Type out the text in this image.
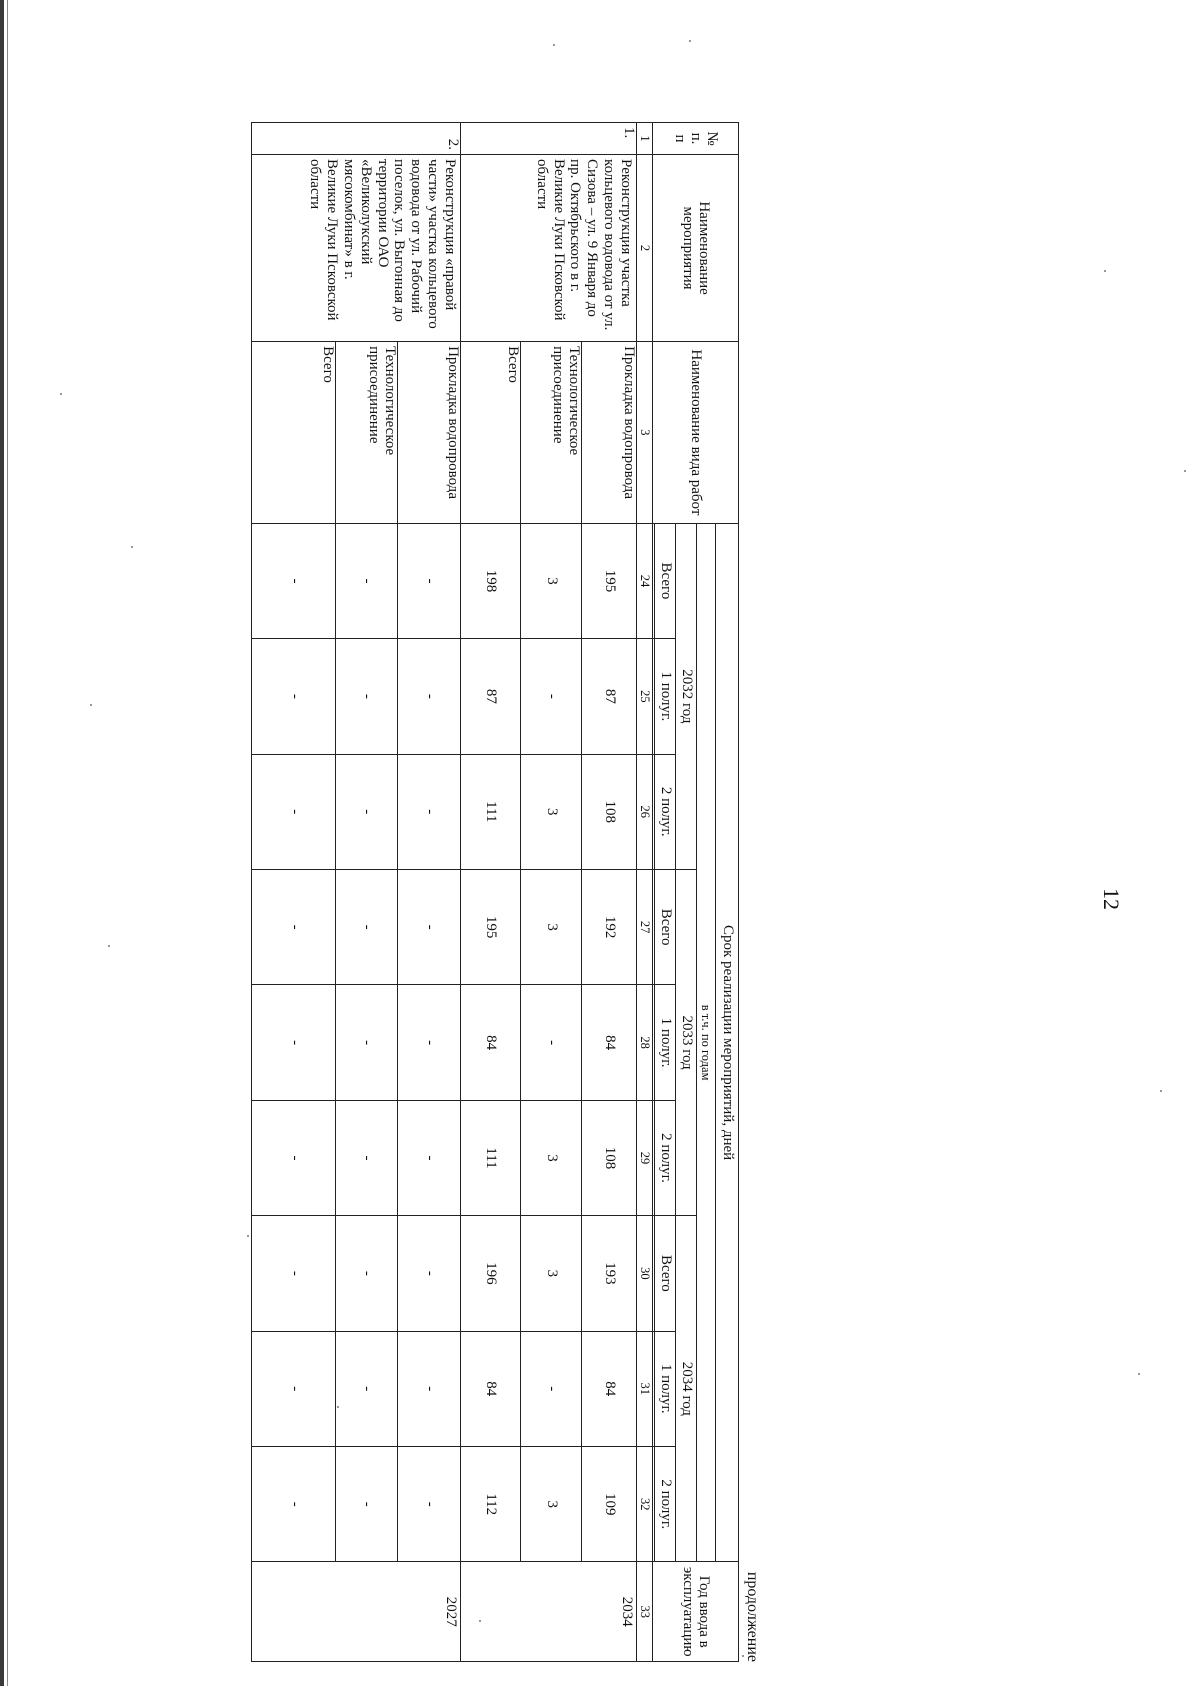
12
продолжение
№ п. п	Наименование мероприятия	Наименование вида работ	Срок реализации мероприятий, дней									Год ввода в эксплуатацию
			в т.ч. по годам									
			2032 год			2033 год			2034 год			
			Всего	1 полуг.	2 полуг.	Всего	1 полуг.	2 полуг.	Всего	1 полуг.	2 полуг.	

1	2	3	24	25	26	27	28	29	30	31	32	33
1.	Реконструкция участка кольцевого водовода от ул. Сизова – ул. 9 Января до пр. Октябрьского в г. Великие Луки Псковской области	Прокладка водопровода	195	87	108	192	84	108	193	84	109	2034
		Технологическое присоединение	3	-	3	3	-	3	3	-	3	
		Всего	198	87	111	195	84	111	196	84	112	
2.	Реконструкция «правой части» участка кольцевого водовода от ул. Рабочий поселок, ул. Выгонная до территории ОАО «Великолукский мясокомбинат» в г. Великие Луки Псковской области	Прокладка водопровода	-	-	-	-	-	-	-	-	-	2027
		Технологическое присоединение	-	-	-	-	-	-	-	-	-	
		Всего	-	-	-	-	-	-	-	-	-	
